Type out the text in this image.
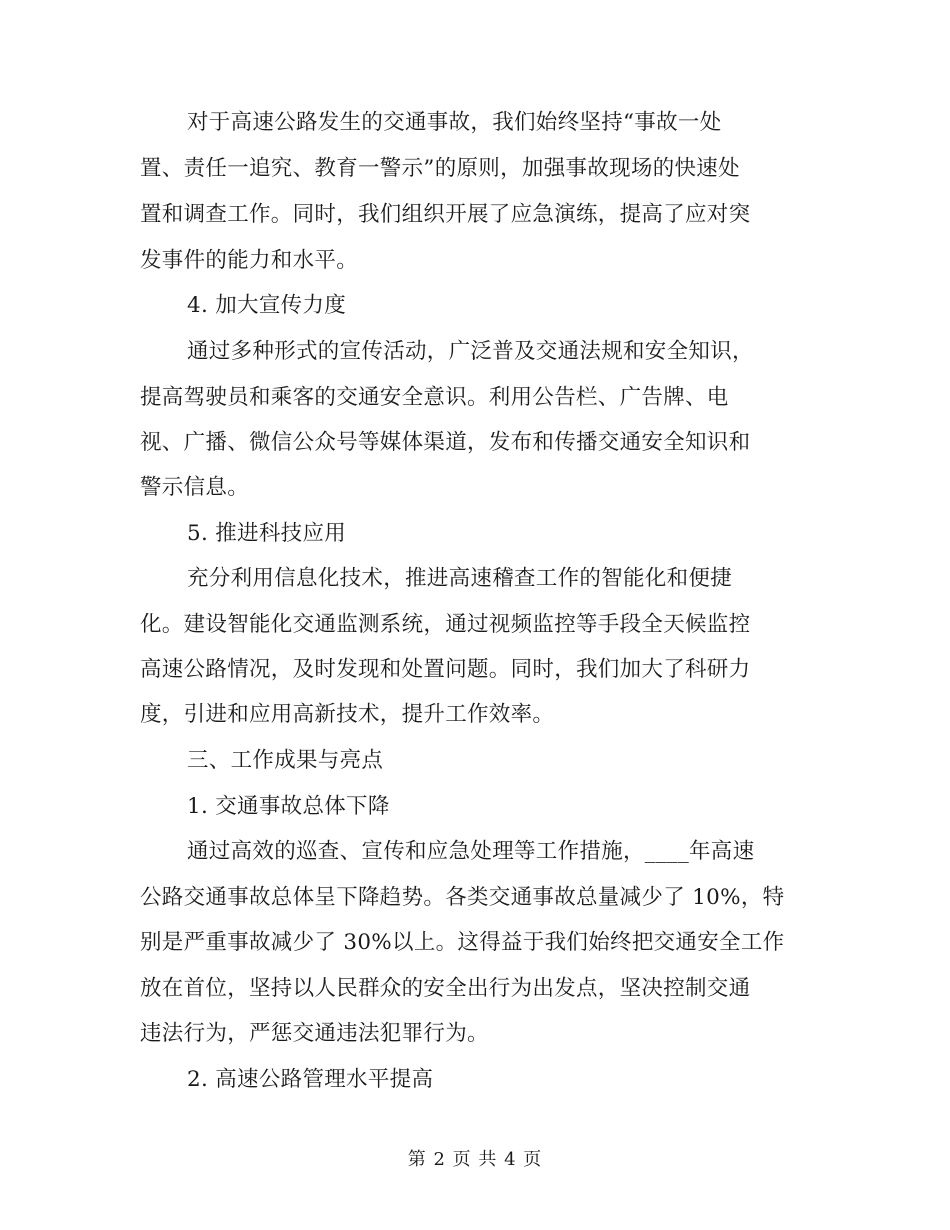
对于高速公路发生的交通事故，我们始终坚持“事故一处
置、责任一追究、教育一警示”的原则，加强事故现场的快速处
置和调查工作。同时，我们组织开展了应急演练，提高了应对突
发事件的能力和水平。
4. 加大宣传力度
通过多种形式的宣传活动，广泛普及交通法规和安全知识，
提高驾驶员和乘客的交通安全意识。利用公告栏、广告牌、电
视、广播、微信公众号等媒体渠道，发布和传播交通安全知识和
警示信息。
5. 推进科技应用
充分利用信息化技术，推进高速稽查工作的智能化和便捷
化。建设智能化交通监测系统，通过视频监控等手段全天候监控
高速公路情况，及时发现和处置问题。同时，我们加大了科研力
度，引进和应用高新技术，提升工作效率。
三、工作成果与亮点
1. 交通事故总体下降
通过高效的巡查、宣传和应急处理等工作措施，____年高速
公路交通事故总体呈下降趋势。各类交通事故总量减少了 10%，特
别是严重事故减少了 30%以上。这得益于我们始终把交通安全工作
放在首位，坚持以人民群众的安全出行为出发点，坚决控制交通
违法行为，严惩交通违法犯罪行为。
2. 高速公路管理水平提高
第 2 页 共 4 页
